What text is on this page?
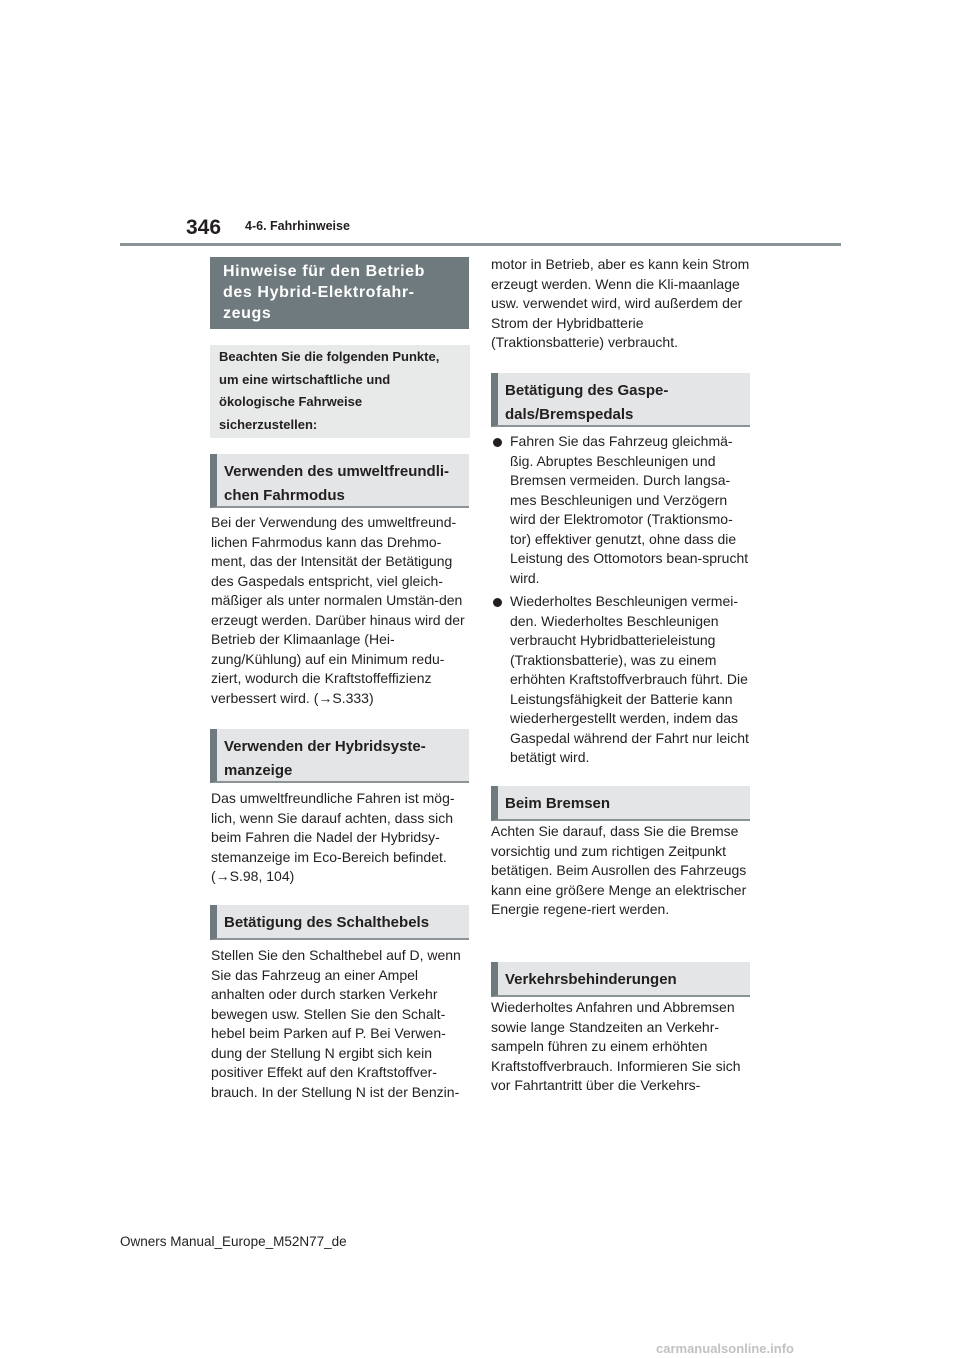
346 4-6. Fahrhinweise
Hinweise für den Betrieb des Hybrid-Elektrofahr-zeugs
Beachten Sie die folgenden Punkte, um eine wirtschaftliche und ökologische Fahrweise sicherzustellen:
Verwenden des umweltfreundli-chen Fahrmodus
Bei der Verwendung des umweltfreund-lichen Fahrmodus kann das Drehmo-ment, das der Intensität der Betätigung des Gaspedals entspricht, viel gleich-mäßiger als unter normalen Umstän-den erzeugt werden. Darüber hinaus wird der Betrieb der Klimaanlage (Hei-zung/Kühlung) auf ein Minimum redu-ziert, wodurch die Kraftstoffeffizienz verbessert wird. (→S.333)
Verwenden der Hybridsyste-manzeige
Das umweltfreundliche Fahren ist mög-lich, wenn Sie darauf achten, dass sich beim Fahren die Nadel der Hybridsy-stemanzeige im Eco-Bereich befindet. (→S.98, 104)
Betätigung des Schalthebels
Stellen Sie den Schalthebel auf D, wenn Sie das Fahrzeug an einer Ampel anhalten oder durch starken Verkehr bewegen usw. Stellen Sie den Schalt-hebel beim Parken auf P. Bei Verwen-dung der Stellung N ergibt sich kein positiver Effekt auf den Kraftstoffver-brauch. In der Stellung N ist der Benzin-
motor in Betrieb, aber es kann kein Strom erzeugt werden. Wenn die Kli-maanlage usw. verwendet wird, wird außerdem der Strom der Hybridbatterie (Traktionsbatterie) verbraucht.
Betätigung des Gaspe-dals/Bremspedals
Fahren Sie das Fahrzeug gleichmä-ßig. Abruptes Beschleunigen und Bremsen vermeiden. Durch langsa-mes Beschleunigen und Verzögern wird der Elektromotor (Traktionsmo-tor) effektiver genutzt, ohne dass die Leistung des Ottomotors bean-sprucht wird.
Wiederholtes Beschleunigen vermei-den. Wiederholtes Beschleunigen verbraucht Hybridbatterieleistung (Traktionsbatterie), was zu einem erhöhten Kraftstoffverbrauch führt. Die Leistungsfähigkeit der Batterie kann wiederhergestellt werden, indem das Gaspedal während der Fahrt nur leicht betätigt wird.
Beim Bremsen
Achten Sie darauf, dass Sie die Bremse vorsichtig und zum richtigen Zeitpunkt betätigen. Beim Ausrollen des Fahrzeugs kann eine größere Menge an elektrischer Energie regene-riert werden.
Verkehrsbehinderungen
Wiederholtes Anfahren und Abbremsen sowie lange Standzeiten an Verkehr-sampeln führen zu einem erhöhten Kraftstoffverbrauch. Informieren Sie sich vor Fahrtantritt über die Verkehrs-
Owners Manual_Europe_M52N77_de
carmanualsonline.info
